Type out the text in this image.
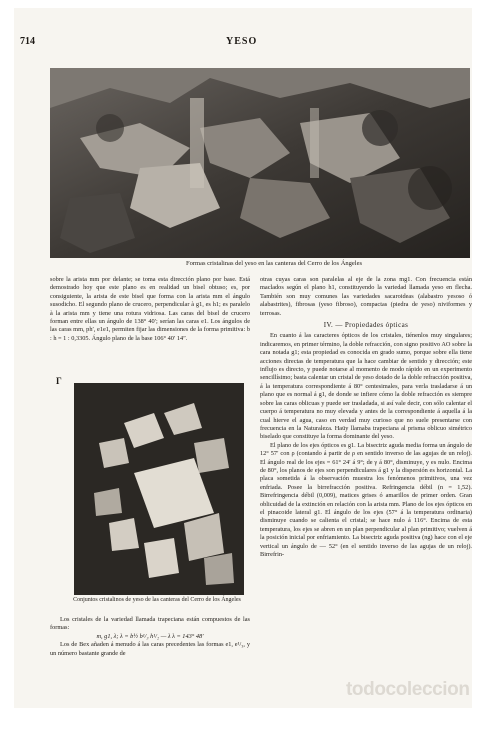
714	YESO
Formas cristalinas del yeso en las canteras del Cerro de los Ángeles

sobre la arista mm por delante; se toma esta dirección plano por base. Está demostrado hoy que este plano es en realidad un bisel obtuso; es, por consiguiente, la arista de este bisel que forma con la arista mm el ángulo susodicho. El segundo plano de crucero, perpendicular à g1, es h1; es paralelo à la arista mm y tiene una rotura vidriosa. Las caras del bisel de crucero forman entre ellas un ángulo de 138° 40′; serían las caras e1. Los ángulos de las caras mm, ph′, e1e1, permiten fijar las dimensiones de la forma primitiva: b : h = 1 : 0,3305. Ángulo plano de la base 106° 40′ 14″.

Г
Conjuntos cristalinos de yeso de las canteras del Cerro de los Ángeles

Los cristales de la variedad llamada trapeciana están compuestos de las formas:

m, g1, λ; λ = b½ b¹/₃ h¹/₂ — λ λ = 143° 48′

Los de Bex añaden á menudo á las caras precedentes las formas e1, e¹/₃, y un número bastante grande de

otras cuyas caras son paralelas al eje de la zona mg1. Con frecuencia están maclados según el plano h1, constituyendo la variedad llamada yeso en flecha. También son muy comunes las variedades sacaroideas (alabastro yesoso ó alabastrites), fibrosas (yeso fibroso), compactas (piedra de yeso) niviformes y terrosas.

IV. — Propiedades ópticas

En cuanto á las caracteres ópticos de los cristales, tiénenlos muy singulares; indicaremos, en primer término, la doble refracción, con signo positivo AO sobre la cara notada g1; esta propiedad es conocida en grado sumo, porque sobre ella tiene acciones directas de temperatura que la hace cambiar de sentido y dirección; este influjo es directo, y puede notarse al momento de modo rápido en un experimento sencillísimo; basta calentar un cristal de yeso dotado de la doble refracción positiva, á la temperatura correspondiente á 80° centesimales, para verla trasladarse á un plano que es normal á g1, de donde se infiere cómo la doble refracción es siempre sobre las caras oblicuas y puede ser trasladada, si así vale decir, con sólo calentar el cuerpo á temperatura no muy elevada y antes de la correspondiente á aquella á la cual hierve el agua, caso en verdad muy curioso que no suele presentarse con frecuencia en la Naturaleza. Haüy llamaba trapeciana al prisma oblicuo simétrico biselado que constituye la forma dominante del yeso.

El plano de los ejes ópticos es g1. La bisectriz aguda media forma un ángulo de 12° 57′ con ρ (contando á partir de ρ en sentido inverso de las agujas de un reloj). El ángulo real de los ejes = 61° 24′ á 9°; de γ á 80°, disminuye, y es nulo. Encima de 80°, los planos de ejes son perpendiculares á g1 y la dispersión es horizontal. La placa sometida á la observación muestra los fenómenos primitivos, una vez enfriada. Posee la birrefracción positiva. Refringencia débil (n = 1,52). Birrefringencia débil (0,009), matices grises ó amarillos de primer orden. Gran oblicuidad de la extinción en relación con la arista mm. Plano de los ejes ópticos en el pinacoide lateral g1. El ángulo de los ejes (57° á la temperatura ordinaria) disminuye cuando se calienta el cristal; se hace nulo á 116°. Encima de esta temperatura, los ejes se abren en un plan perpendicular al plan primitivo; vuelven á la posición inicial por enfriamiento. La bisectriz aguda positiva (ng) hace con el eje vertical un ángulo de — 52° (en el sentido inverso de las agujas de un reloj). Birrefrin-

todocoleccion
